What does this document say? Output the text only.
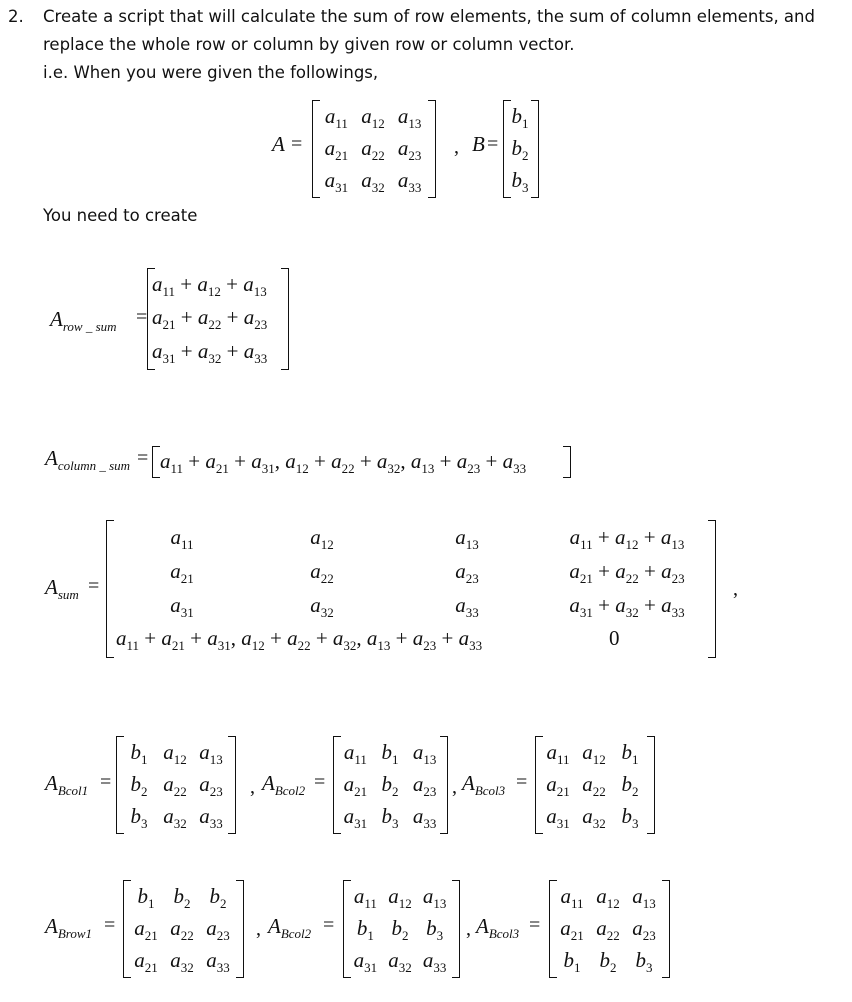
2. Create a script that will calculate the sum of row elements, the sum of column elements, and
replace the whole row or column by given row or column vector.
i.e. When you were given the followings,
You need to create
A =
$a_{11}$ $a_{12}$ $a_{13}$
$a_{21}$ $a_{22}$ $a_{23}$
$a_{31}$ $a_{32}$ $a_{33}$
, B =
$b_1$
$b_2$
$b_3$
$A_{row \_ sum}$ =
$a_{11} + a_{12} + a_{13}$
$a_{21} + a_{22} + a_{23}$
$a_{31} + a_{32} + a_{33}$
$A_{column \_ sum} = a_{11} + a_{21} + a_{31}$, $a_{12} + a_{22} + a_{32}$, $a_{13} + a_{23} + a_{33}$
$A_{sum}$ =
$a_{11}$	$a_{12}$	$a_{13}$	$a_{11} + a_{12} + a_{13}$
$a_{21}$	$a_{22}$	$a_{23}$	$a_{21} + a_{22} + a_{23}$
$a_{31}$	$a_{32}$	$a_{33}$	$a_{31} + a_{32} + a_{33}$
$a_{11} + a_{21} + a_{31}$, $a_{12} + a_{22} + a_{32}$, $a_{13} + a_{23} + a_{33}$	0
,
$A_{Bcol1}$ =
$b_1$ $a_{12}$ $a_{13}$
$b_2$ $a_{22}$ $a_{23}$
$b_3$ $a_{32}$ $a_{33}$
, $A_{Bcol2}$ =
$a_{11}$ $b_1$ $a_{13}$
$a_{21}$ $b_2$ $a_{23}$
$a_{31}$ $b_3$ $a_{33}$
, $A_{Bcol3}$ =
$a_{11}$ $a_{12}$ $b_1$
$a_{21}$ $a_{22}$ $b_2$
$a_{31}$ $a_{32}$ $b_3$
$A_{Brow1}$ =
$b_1$ $b_2$ $b_2$
$a_{21}$ $a_{22}$ $a_{23}$
$a_{21}$ $a_{32}$ $a_{33}$
, $A_{Bcol2}$ =
$a_{11}$ $a_{12}$ $a_{13}$
$b_1$ $b_2$ $b_3$
$a_{31}$ $a_{32}$ $a_{33}$
, $A_{Bcol3}$ =
$a_{11}$ $a_{12}$ $a_{13}$
$a_{21}$ $a_{22}$ $a_{23}$
$b_1$ $b_2$ $b_3$
